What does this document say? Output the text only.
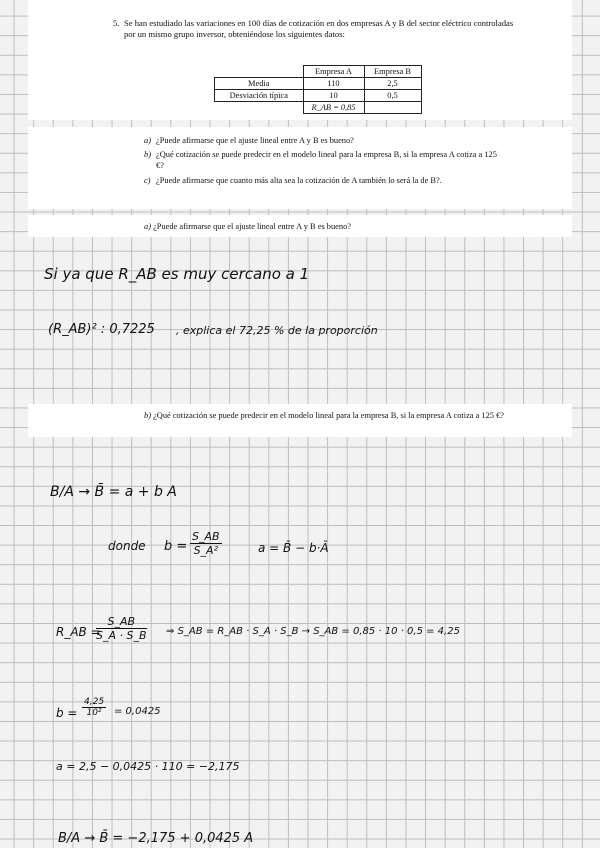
5. Se han estudiado las variaciones en 100 días de cotización en dos empresas A y B del sector eléctrico controladas por un mismo grupo inversor, obteniéndose los siguientes datos:
	Empresa A	Empresa B
Media	110	2,5
Desviación típica	10	0,5
	R_AB = 0,85	
a) ¿Puede afirmarse que el ajuste lineal entre A y B es bueno?
b) ¿Qué cotización se puede predecir en el modelo lineal para la empresa B, si la empresa A cotiza a 125 €?
c) ¿Puede afirmarse que cuanto más alta sea la cotización de A también lo será la de B?.
a) ¿Puede afirmarse que el ajuste lineal entre A y B es bueno?
Si ya que R_AB es muy cercano a 1
(R_AB)² : 0,7225 , explica el 72,25 % de la proporción
b) ¿Qué cotización se puede predecir en el modelo lineal para la empresa B, si la empresa A cotiza a 125 €?
B/A → B̄ = a + b A
donde $b = \frac{S\_AB}{\text{S\_A²}}$	a = B̄ − b·Ā
R_AB =
$\frac{S\_AB}{S\_A \cdot S\_B}$ ⇒ S_AB = R_AB · S_A · S_B → S_AB = 0,85 · 10 · 0,5 = 4,25
$b = \frac{4,25}{\text{10²}} = 0,0425$
a = 2,5 − 0,0425 · 110 = −2,175
B/A → B̄ = −2,175 + 0,0425 A
